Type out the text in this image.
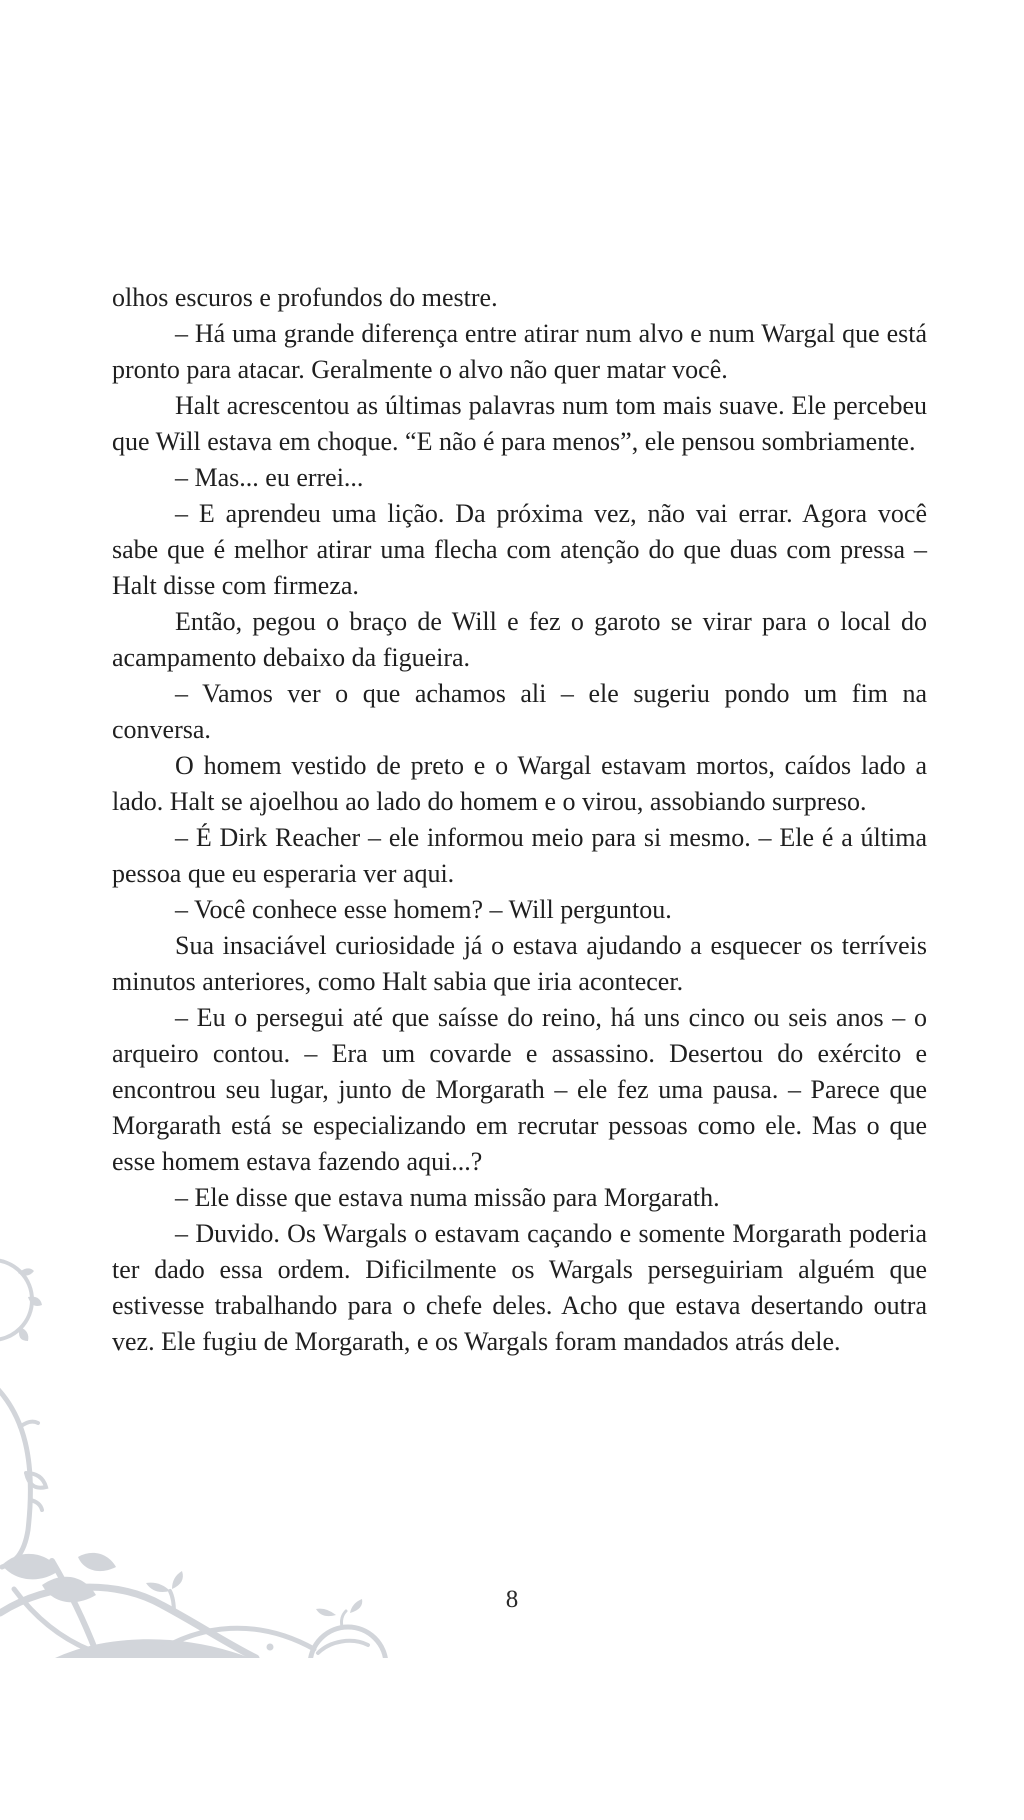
olhos escuros e profundos do mestre.

– Há uma grande diferença entre atirar num alvo e num Wargal que está pronto para atacar. Geralmente o alvo não quer matar você.

Halt acrescentou as últimas palavras num tom mais suave. Ele percebeu que Will estava em choque. “E não é para menos”, ele pensou sombriamente.

– Mas... eu errei...

– E aprendeu uma lição. Da próxima vez, não vai errar. Agora você sabe que é melhor atirar uma flecha com atenção do que duas com pressa – Halt disse com firmeza.

Então, pegou o braço de Will e fez o garoto se virar para o local do acampamento debaixo da figueira.

– Vamos ver o que achamos ali – ele sugeriu pondo um fim na conversa.

O homem vestido de preto e o Wargal estavam mortos, caídos lado a lado. Halt se ajoelhou ao lado do homem e o virou, assobiando surpreso.

– É Dirk Reacher – ele informou meio para si mesmo. – Ele é a última pessoa que eu esperaria ver aqui.

– Você conhece esse homem? – Will perguntou.

Sua insaciável curiosidade já o estava ajudando a esquecer os terríveis minutos anteriores, como Halt sabia que iria acontecer.

– Eu o persegui até que saísse do reino, há uns cinco ou seis anos – o arqueiro contou. – Era um covarde e assassino. Desertou do exército e encontrou seu lugar, junto de Morgarath – ele fez uma pausa. – Parece que Morgarath está se especializando em recrutar pessoas como ele. Mas o que esse homem estava fazendo aqui...?

– Ele disse que estava numa missão para Morgarath.

– Duvido. Os Wargals o estavam caçando e somente Morgarath poderia ter dado essa ordem. Dificilmente os Wargals perseguiriam alguém que estivesse trabalhando para o chefe deles. Acho que estava desertando outra vez. Ele fugiu de Morgarath, e os Wargals foram mandados atrás dele.

8
